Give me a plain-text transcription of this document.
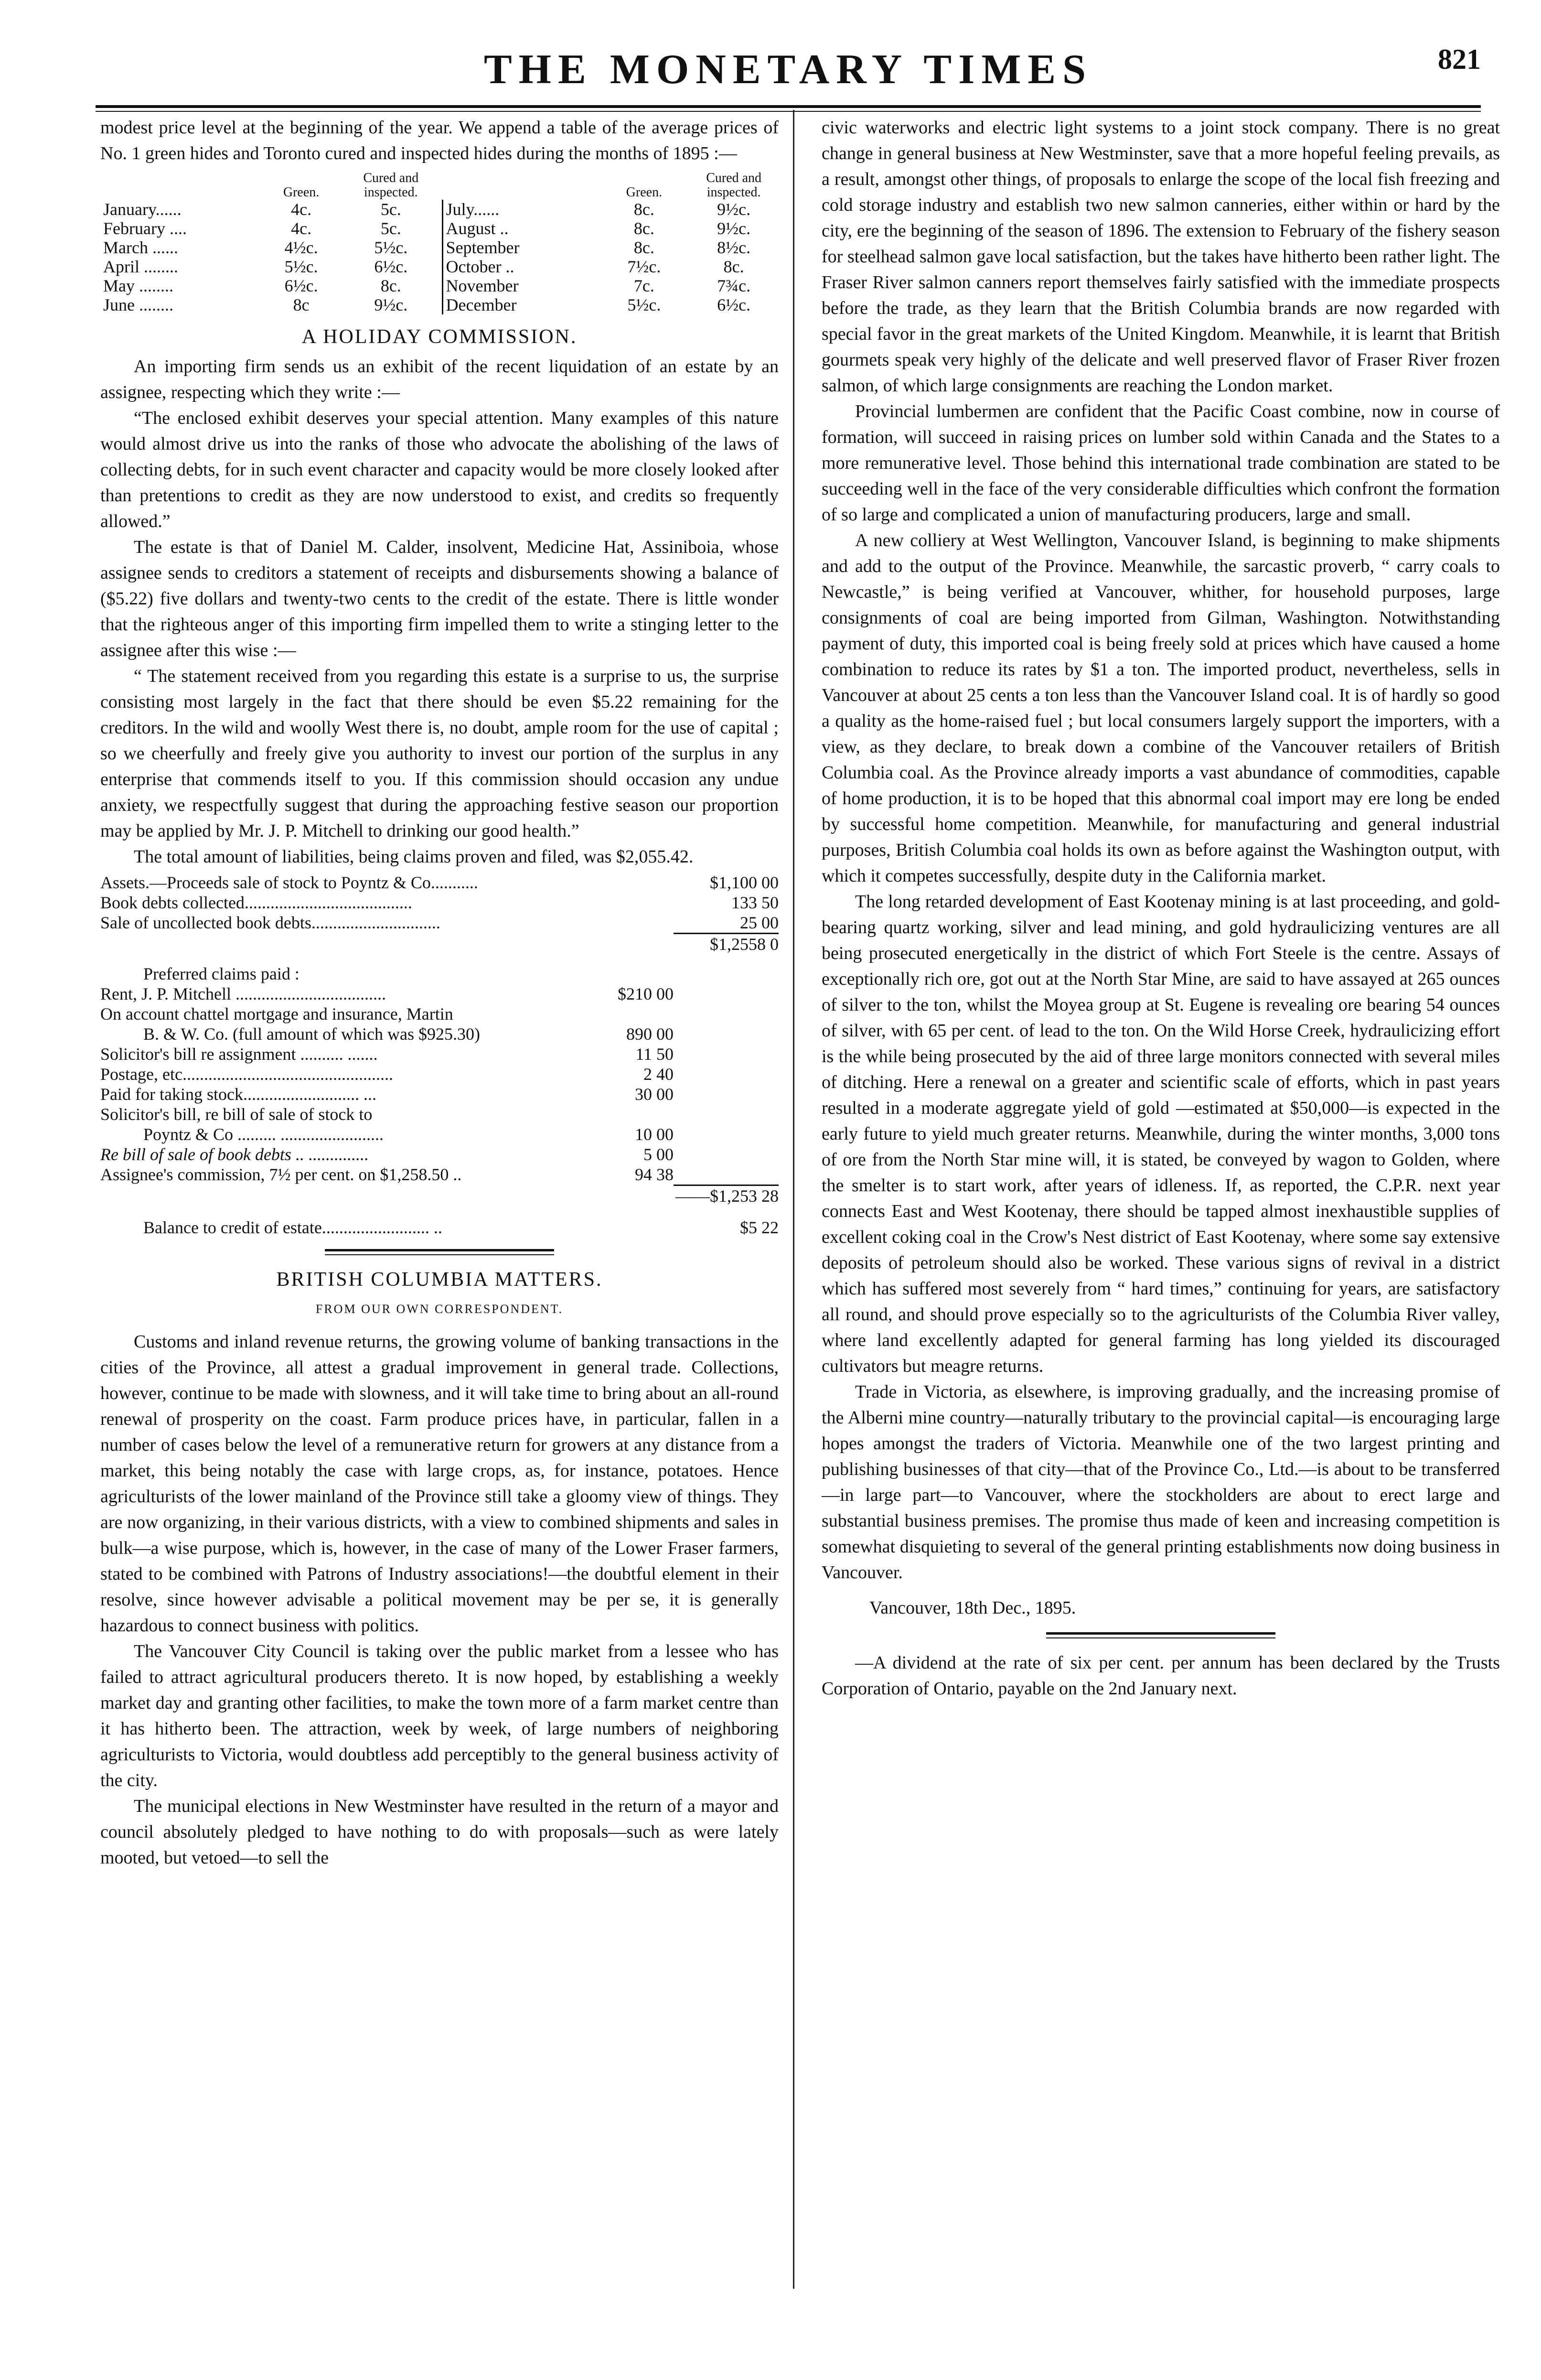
THE MONETARY TIMES	821

modest price level at the beginning of the year. We append a table of the average prices of No. 1 green hides and Toronto cured and inspected hides during the months of 1895 :—

	Green.	Cured and inspected.			Green.	Cured and inspected.
January......	4c.	5c.		July......	8c.	9½c.
February ....	4c.	5c.		August ..	8c.	9½c.
March ......	4½c.	5½c.		September	8c.	8½c.
April ........	5½c.	6½c.		October ..	7½c.	8c.
May ........	6½c.	8c.		November	7c.	7¾c.
June ........	8c	9½c.		December	5½c.	6½c.
A HOLIDAY COMMISSION.

An importing firm sends us an exhibit of the recent liquidation of an estate by an assignee, respecting which they write :—

“The enclosed exhibit deserves your special attention. Many examples of this nature would almost drive us into the ranks of those who advocate the abolishing of the laws of collecting debts, for in such event character and capacity would be more closely looked after than pretentions to credit as they are now understood to exist, and credits so frequently allowed.”

The estate is that of Daniel M. Calder, insolvent, Medicine Hat, Assiniboia, whose assignee sends to creditors a statement of receipts and disbursements showing a balance of ($5.22) five dollars and twenty-two cents to the credit of the estate. There is little wonder that the righteous anger of this importing firm impelled them to write a stinging letter to the assignee after this wise :—

“ The statement received from you regarding this estate is a surprise to us, the surprise consisting most largely in the fact that there should be even $5.22 remaining for the creditors. In the wild and woolly West there is, no doubt, ample room for the use of capital ; so we cheerfully and freely give you authority to invest our portion of the surplus in any enterprise that commends itself to you. If this commission should occasion any undue anxiety, we respectfully suggest that during the approaching festive season our proportion may be applied by Mr. J. P. Mitchell to drinking our good health.”

The total amount of liabilities, being claims proven and filed, was $2,055.42.

Assets.—Proceeds sale of stock to Poyntz & Co...........	$1,100 00
Book debts collected.......................................	133 50
Sale of uncollected book debts..............................	25 00
$1,2558 0
Preferred claims paid :
Rent, J. P. Mitchell ...................................	$210 00
On account chattel mortgage and insurance, Martin
B. & W. Co. (full amount of which was $925.30)	890 00
Solicitor's bill re assignment .......... .......	11 50
Postage, etc.................................................	2 40
Paid for taking stock........................... ...	30 00
Solicitor's bill, re bill of sale of stock to
Poyntz & Co ......... ........................	10 00
Re bill of sale of book debts .. ..............	5 00
Assignee's commission, 7½ per cent. on $1,258.50 ..	94 38
——$1,253 28
Balance to credit of estate......................... ..	$5 22
BRITISH COLUMBIA MATTERS.
FROM OUR OWN CORRESPONDENT.

Customs and inland revenue returns, the growing volume of banking transactions in the cities of the Province, all attest a gradual improvement in general trade. Collections, however, continue to be made with slowness, and it will take time to bring about an all-round renewal of prosperity on the coast. Farm produce prices have, in particular, fallen in a number of cases below the level of a remunerative return for growers at any distance from a market, this being notably the case with large crops, as, for instance, potatoes. Hence agriculturists of the lower mainland of the Province still take a gloomy view of things. They are now organizing, in their various districts, with a view to combined shipments and sales in bulk—a wise purpose, which is, however, in the case of many of the Lower Fraser farmers, stated to be combined with Patrons of Industry associations!—the doubtful element in their resolve, since however advisable a political movement may be per se, it is generally hazardous to connect business with politics.

The Vancouver City Council is taking over the public market from a lessee who has failed to attract agricultural producers thereto. It is now hoped, by establishing a weekly market day and granting other facilities, to make the town more of a farm market centre than it has hitherto been. The attraction, week by week, of large numbers of neighboring agriculturists to Victoria, would doubtless add perceptibly to the general business activity of the city.

The municipal elections in New Westminster have resulted in the return of a mayor and council absolutely pledged to have nothing to do with proposals—such as were lately mooted, but vetoed—to sell the

civic waterworks and electric light systems to a joint stock company. There is no great change in general business at New Westminster, save that a more hopeful feeling prevails, as a result, amongst other things, of proposals to enlarge the scope of the local fish freezing and cold storage industry and establish two new salmon canneries, either within or hard by the city, ere the beginning of the season of 1896. The extension to February of the fishery season for steelhead salmon gave local satisfaction, but the takes have hitherto been rather light. The Fraser River salmon canners report themselves fairly satisfied with the immediate prospects before the trade, as they learn that the British Columbia brands are now regarded with special favor in the great markets of the United Kingdom. Meanwhile, it is learnt that British gourmets speak very highly of the delicate and well preserved flavor of Fraser River frozen salmon, of which large consignments are reaching the London market.

Provincial lumbermen are confident that the Pacific Coast combine, now in course of formation, will succeed in raising prices on lumber sold within Canada and the States to a more remunerative level. Those behind this international trade combination are stated to be succeeding well in the face of the very considerable difficulties which confront the formation of so large and complicated a union of manufacturing producers, large and small.

A new colliery at West Wellington, Vancouver Island, is beginning to make shipments and add to the output of the Province. Meanwhile, the sarcastic proverb, “ carry coals to Newcastle,” is being verified at Vancouver, whither, for household purposes, large consignments of coal are being imported from Gilman, Washington. Notwithstanding payment of duty, this imported coal is being freely sold at prices which have caused a home combination to reduce its rates by $1 a ton. The imported product, nevertheless, sells in Vancouver at about 25 cents a ton less than the Vancouver Island coal. It is of hardly so good a quality as the home-raised fuel ; but local consumers largely support the importers, with a view, as they declare, to break down a combine of the Vancouver retailers of British Columbia coal. As the Province already imports a vast abundance of commodities, capable of home production, it is to be hoped that this abnormal coal import may ere long be ended by successful home competition. Meanwhile, for manufacturing and general industrial purposes, British Columbia coal holds its own as before against the Washington output, with which it competes successfully, despite duty in the California market.

The long retarded development of East Kootenay mining is at last proceeding, and gold-bearing quartz working, silver and lead mining, and gold hydraulicizing ventures are all being prosecuted energetically in the district of which Fort Steele is the centre. Assays of exceptionally rich ore, got out at the North Star Mine, are said to have assayed at 265 ounces of silver to the ton, whilst the Moyea group at St. Eugene is revealing ore bearing 54 ounces of silver, with 65 per cent. of lead to the ton. On the Wild Horse Creek, hydraulicizing effort is the while being prosecuted by the aid of three large monitors connected with several miles of ditching. Here a renewal on a greater and scientific scale of efforts, which in past years resulted in a moderate aggregate yield of gold —estimated at $50,000—is expected in the early future to yield much greater returns. Meanwhile, during the winter months, 3,000 tons of ore from the North Star mine will, it is stated, be conveyed by wagon to Golden, where the smelter is to start work, after years of idleness. If, as reported, the C.P.R. next year connects East and West Kootenay, there should be tapped almost inexhaustible supplies of excellent coking coal in the Crow's Nest district of East Kootenay, where some say extensive deposits of petroleum should also be worked. These various signs of revival in a district which has suffered most severely from “ hard times,” continuing for years, are satisfactory all round, and should prove especially so to the agriculturists of the Columbia River valley, where land excellently adapted for general farming has long yielded its discouraged cultivators but meagre returns.

Trade in Victoria, as elsewhere, is improving gradually, and the increasing promise of the Alberni mine country—naturally tributary to the provincial capital—is encouraging large hopes amongst the traders of Victoria. Meanwhile one of the two largest printing and publishing businesses of that city—that of the Province Co., Ltd.—is about to be transferred—in large part—to Vancouver, where the stockholders are about to erect large and substantial business premises. The promise thus made of keen and increasing competition is somewhat disquieting to several of the general printing establishments now doing business in Vancouver.

Vancouver, 18th Dec., 1895.

—A dividend at the rate of six per cent. per annum has been declared by the Trusts Corporation of Ontario, payable on the 2nd January next.
